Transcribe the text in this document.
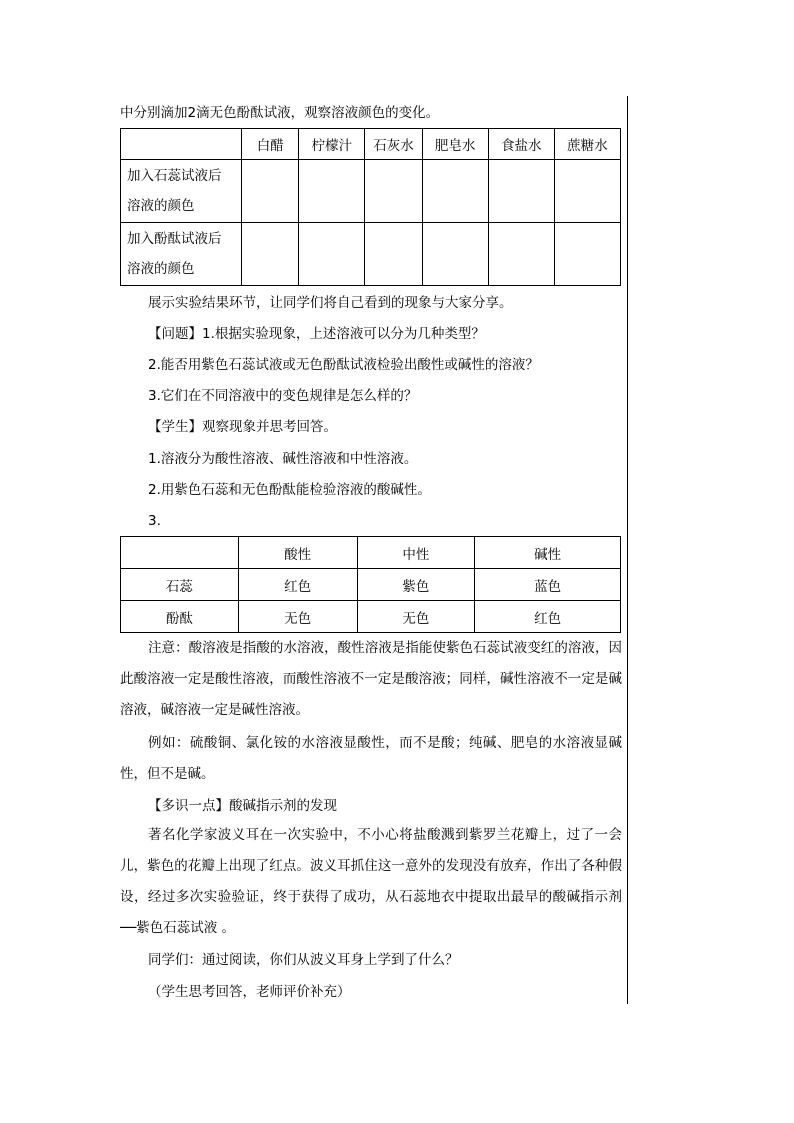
中分别滴加2滴无色酚酞试液，观察溶液颜色的变化。
	白醋	柠檬汁	石灰水	肥皂水	食盐水	蔗糖水

加入石蕊试液后
溶液的颜色						

加入酚酞试液后
溶液的颜色						

展示实验结果环节，让同学们将自己看到的现象与大家分享。
【问题】1.根据实验现象，上述溶液可以分为几种类型？
2.能否用紫色石蕊试液或无色酚酞试液检验出酸性或碱性的溶液？
3.它们在不同溶液中的变色规律是怎么样的？
【学生】观察现象并思考回答。
1.溶液分为酸性溶液、碱性溶液和中性溶液。
2.用紫色石蕊和无色酚酞能检验溶液的酸碱性。
3.
	酸性	中性	碱性
石蕊	红色	紫色	蓝色
酚酞	无色	无色	红色
注意：酸溶液是指酸的水溶液，酸性溶液是指能使紫色石蕊试液变红的溶液，因此酸溶液一定是酸性溶液，而酸性溶液不一定是酸溶液；同样，碱性溶液不一定是碱溶液，碱溶液一定是碱性溶液。
例如：硫酸铜、氯化铵的水溶液显酸性，而不是酸；纯碱、肥皂的水溶液显碱性，但不是碱。
【多识一点】酸碱指示剂的发现
著名化学家波义耳在一次实验中，不小心将盐酸溅到紫罗兰花瓣上，过了一会儿，紫色的花瓣上出现了红点。波义耳抓住这一意外的发现没有放弃，作出了各种假设，经过多次实验验证，终于获得了成功，从石蕊地衣中提取出最早的酸碱指示剂──紫色石蕊试液 。
同学们：通过阅读，你们从波义耳身上学到了什么？
（学生思考回答，老师评价补充）
